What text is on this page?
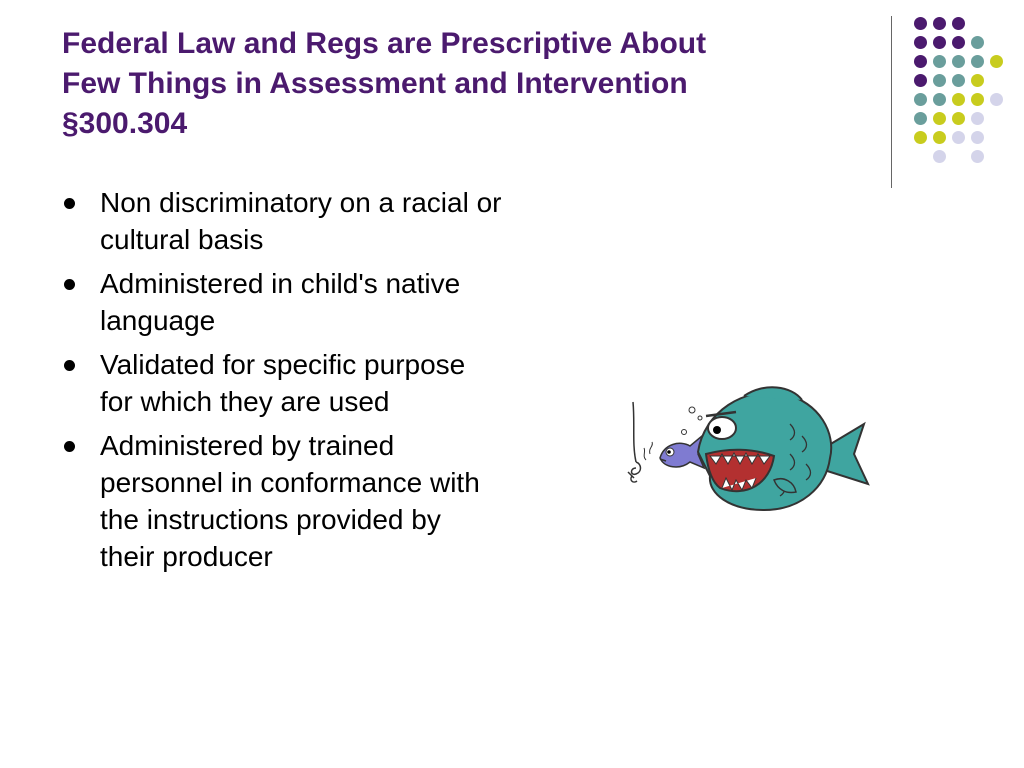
Federal Law and Regs are Prescriptive About
Few Things in Assessment and Intervention
§300.304
Non discriminatory on a racial or cultural basis
Administered in child's native language
Validated for specific purpose for which they are used
Administered by trained personnel in conformance with the instructions provided by their producer
